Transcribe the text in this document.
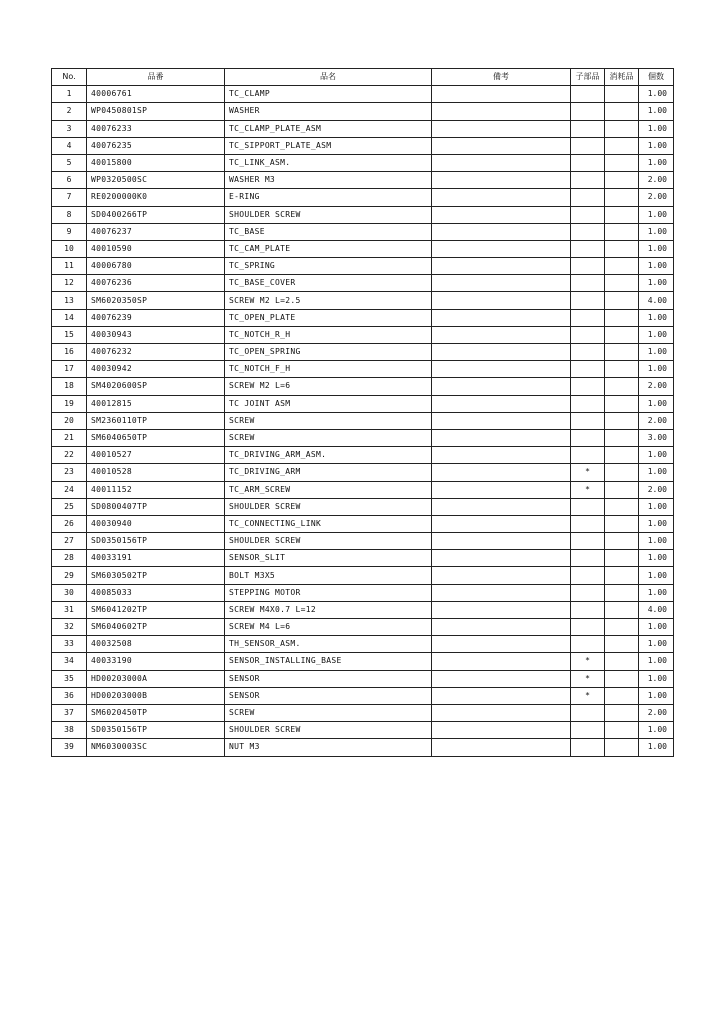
No.	品番	品名	備考	子部品	消耗品	個数
1	40006761	TC_CLAMP				1.00
2	WP0450801SP	WASHER				1.00
3	40076233	TC_CLAMP_PLATE_ASM				1.00
4	40076235	TC_SIPPORT_PLATE_ASM				1.00
5	40015800	TC_LINK_ASM.				1.00
6	WP0320500SC	WASHER M3				2.00
7	RE0200000K0	E-RING				2.00
8	SD0400266TP	SHOULDER SCREW				1.00
9	40076237	TC_BASE				1.00
10	40010590	TC_CAM_PLATE				1.00
11	40006780	TC_SPRING				1.00
12	40076236	TC_BASE_COVER				1.00
13	SM6020350SP	SCREW M2 L=2.5				4.00
14	40076239	TC_OPEN_PLATE				1.00
15	40030943	TC_NOTCH_R_H				1.00
16	40076232	TC_OPEN_SPRING				1.00
17	40030942	TC_NOTCH_F_H				1.00
18	SM4020600SP	SCREW M2 L=6				2.00
19	40012815	TC JOINT ASM				1.00
20	SM2360110TP	SCREW				2.00
21	SM6040650TP	SCREW				3.00
22	40010527	TC_DRIVING_ARM_ASM.				1.00
23	40010528	TC_DRIVING_ARM		*		1.00
24	40011152	TC_ARM_SCREW		*		2.00
25	SD0800407TP	SHOULDER SCREW				1.00
26	40030940	TC_CONNECTING_LINK				1.00
27	SD0350156TP	SHOULDER SCREW				1.00
28	40033191	SENSOR_SLIT				1.00
29	SM6030502TP	BOLT M3X5				1.00
30	40085033	STEPPING MOTOR				1.00
31	SM6041202TP	SCREW M4X0.7 L=12				4.00
32	SM6040602TP	SCREW M4 L=6				1.00
33	40032508	TH_SENSOR_ASM.				1.00
34	40033190	SENSOR_INSTALLING_BASE		*		1.00
35	HD00203000A	SENSOR		*		1.00
36	HD00203000B	SENSOR		*		1.00
37	SM6020450TP	SCREW				2.00
38	SD0350156TP	SHOULDER SCREW				1.00
39	NM6030003SC	NUT M3				1.00
